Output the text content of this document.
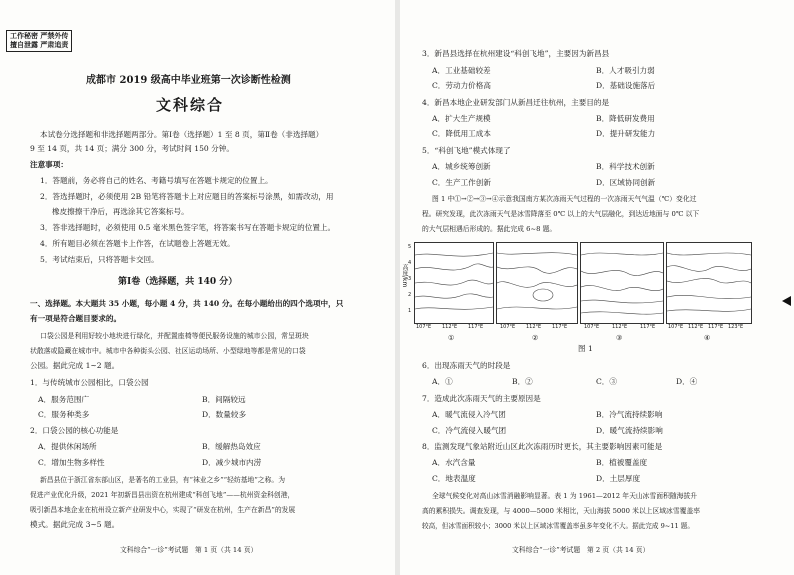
工作秘密 严禁外传
擅自泄露 严肃追责
成都市 2019 级高中毕业班第一次诊断性检测
文科综合
本试卷分选择题和非选择题两部分。第Ⅰ卷（选择题）1 至 8 页，第Ⅱ卷（非选择题）
9 至 14 页，共 14 页；满分 300 分，考试时间 150 分钟。
注意事项：
1．答题前，务必将自己的姓名、考籍号填写在答题卡规定的位置上。
2．答选择题时，必须使用 2B 铅笔将答题卡上对应题目的答案标号涂黑，如需改动，用
橡皮擦擦干净后，再选涂其它答案标号。
3．答非选择题时，必须使用 0.5 毫米黑色签字笔，将答案书写在答题卡规定的位置上。
4．所有题目必须在答题卡上作答，在试题卷上答题无效。
5．考试结束后，只将答题卡交回。
第Ⅰ卷（选择题，共 140 分）
一、选择题。本大题共 35 小题，每小题 4 分，共 140 分。在每小题给出的四个选项中，只
有一项是符合题目要求的。
口袋公园是利用好较小地块进行绿化，并配置座椅等便民服务设施的城市公园，常呈斑块
状散落或隐藏在城市中。城市中各种街头公园、社区运动场所、小型绿地等都是常见的口袋
公园。据此完成 1~2 题。
1．与传统城市公园相比，口袋公园
A．服务范围广	B．间隔较远
C．服务种类多	D．数量较多
2．口袋公园的核心功能是
A．提供休闲场所	B．缓解热岛效应
C．增加生物多样性	D．减少城市内涝
新昌县位于浙江省东部山区，是著名的工业县，有“袜业之乡”“轻纺基地”之称。为
促进产业优化升级，2021 年初新昌县出资在杭州建成“科创飞地”——杭州资金科创港，
吸引新昌本地企业在杭州设立新产业研发中心，实现了“研发在杭州，生产在新昌”的发展
模式。据此完成 3~5 题。
文科综合“一诊”考试题　第 1 页（共 14 页）
3．新昌县选择在杭州建设“科创飞地”，主要因为新昌县
A．工业基础较差	B．人才吸引力弱
C．劳动力价格高	D．基础设施落后
4．新昌本地企业研发部门从新昌迁往杭州，主要目的是
A．扩大生产规模	B．降低研发费用
C．降低用工成本	D．提升研发能力
5．“科创飞地”模式体现了
A．城乡统筹创新	B．科学技术创新
C．生产工作创新	D．区域协同创新
图 1 中①→②→③→④示意我国南方某次冻雨天气过程的一次冻雨天气气温（℃）变化过
程。研究发现，此次冻雨天气是冰雪降落至 0℃ 以上的大气层融化，到达近地面与 0℃ 以下
的大气层相遇后形成的。据此完成 6~8 题。
高度/km
5
4
3
2
1
107°E 112°E 117°E	107°E 112°E 117°E	107°E	112°E	117°E	107°E 112°E 117°E 123°E
①	②	③	④
图 1
6．出现冻雨天气的时段是
A．①	B．②	C．③	D．④
7．造成此次冻雨天气的主要原因是
A．暖气流侵入冷气团	B．冷气流持续影响
C．冷气流侵入暖气团	D．暖气流持续影响
8．监测发现气象站附近山区此次冻雨历时更长，其主要影响因素可能是
A．水汽含量	B．植被覆盖度
C．地表温度	D．土层厚度
全球气候变化对高山冰雪消融影响显著。表 1 为 1961—2012 年天山冰雪面积随海拔升
高的累积损失。调查发现，与 4000—5000 米相比，天山海拔 5000 米以上区域冰雪覆盖率
较高，但冰雪面积较小；3000 米以上区域冰雪覆盖率虽多年变化不大。据此完成 9~11 题。
文科综合“一诊”考试题　第 2 页（共 14 页）
